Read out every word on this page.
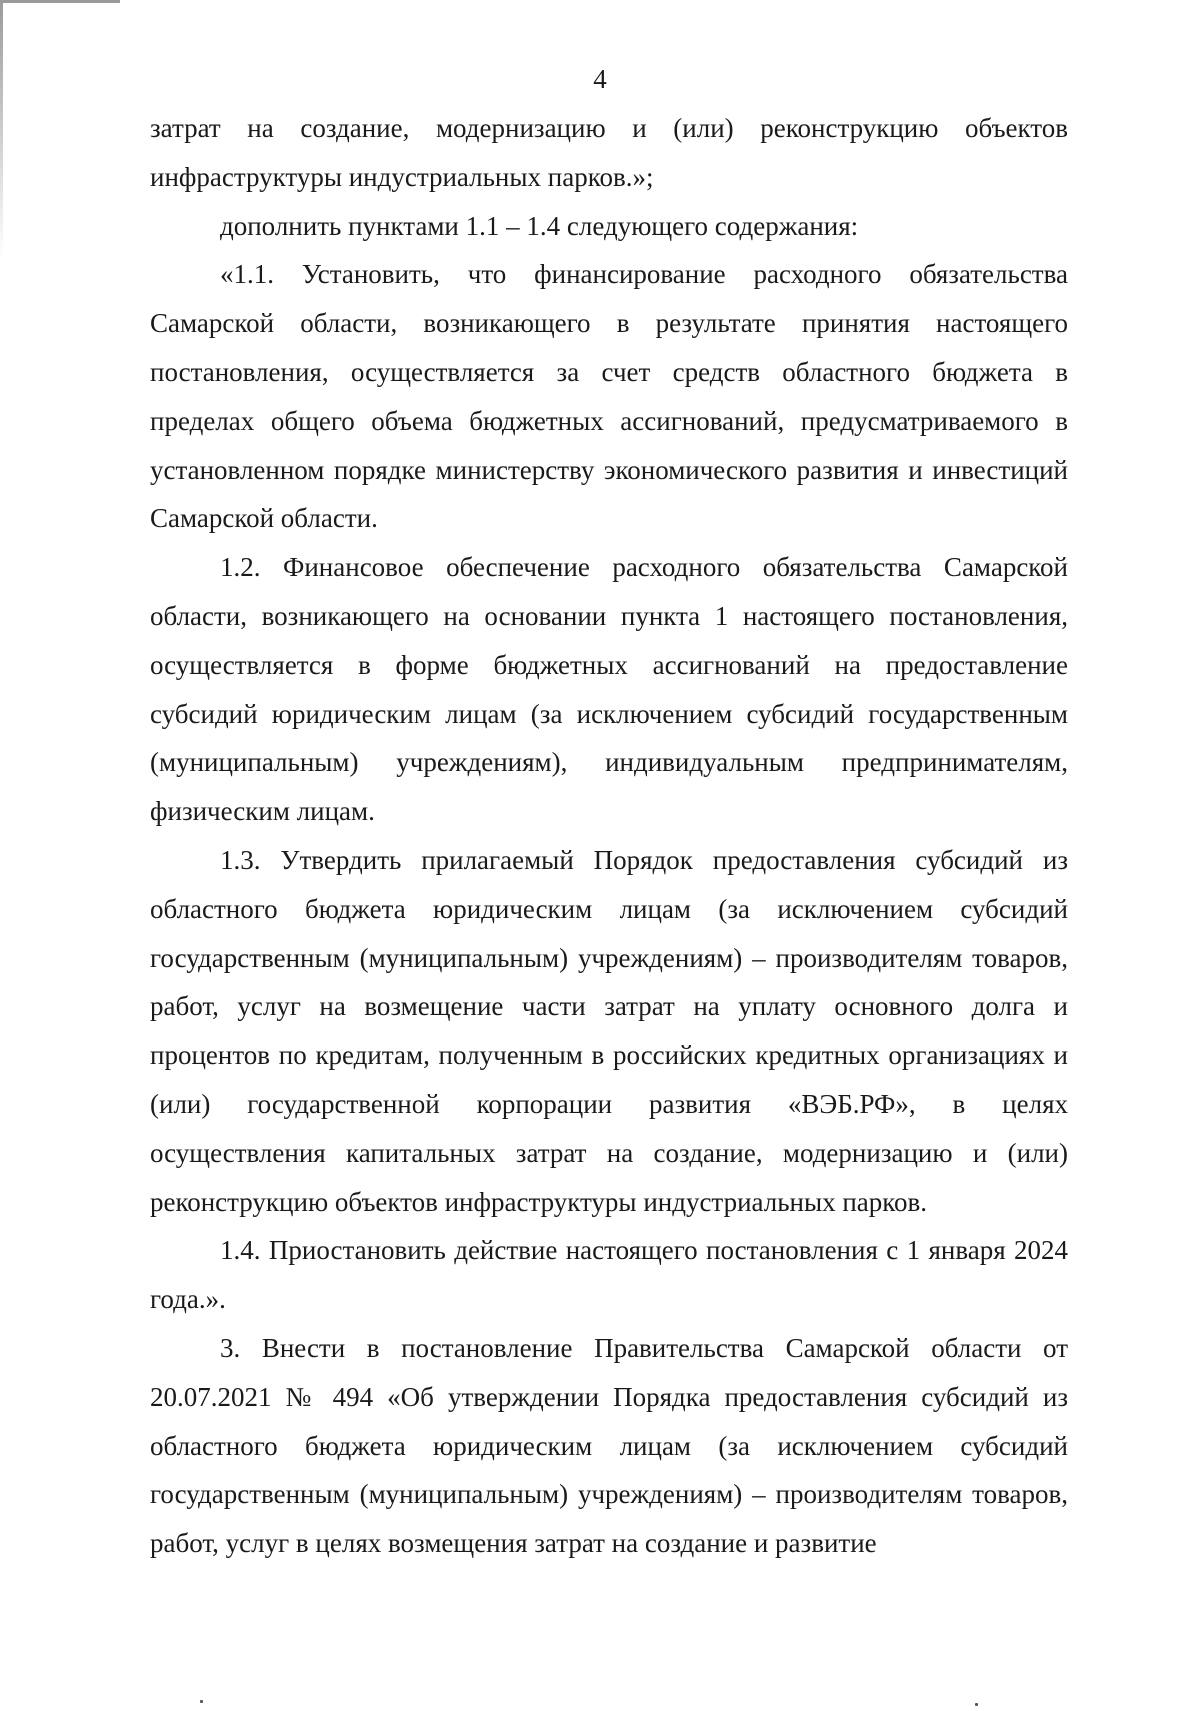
4

затрат на создание, модернизацию и (или) реконструкцию объектов инфраструктуры индустриальных парков.»;

дополнить пунктами 1.1 – 1.4 следующего содержания:

«1.1. Установить, что финансирование расходного обязательства Самарской области, возникающего в результате принятия настоящего постановления, осуществляется за счет средств областного бюджета в пределах общего объема бюджетных ассигнований, предусматриваемого в установленном порядке министерству экономического развития и инвестиций Самарской области.

1.2. Финансовое обеспечение расходного обязательства Самарской области, возникающего на основании пункта 1 настоящего постановления, осуществляется в форме бюджетных ассигнований на предоставление субсидий юридическим лицам (за исключением субсидий государственным (муниципальным) учреждениям), индивидуальным предпринимателям, физическим лицам.

1.3. Утвердить прилагаемый Порядок предоставления субсидий из областного бюджета юридическим лицам (за исключением субсидий государственным (муниципальным) учреждениям) – производителям товаров, работ, услуг на возмещение части затрат на уплату основного долга и процентов по кредитам, полученным в российских кредитных организациях и (или) государственной корпорации развития «ВЭБ.РФ», в целях осуществления капитальных затрат на создание, модернизацию и (или) реконструкцию объектов инфраструктуры индустриальных парков.

1.4. Приостановить действие настоящего постановления с 1 января 2024 года.».

3. Внести в постановление Правительства Самарской области от 20.07.2021 № 494 «Об утверждении Порядка предоставления субсидий из областного бюджета юридическим лицам (за исключением субсидий государственным (муниципальным) учреждениям) – производителям товаров, работ, услуг в целях возмещения затрат на создание и развитие
